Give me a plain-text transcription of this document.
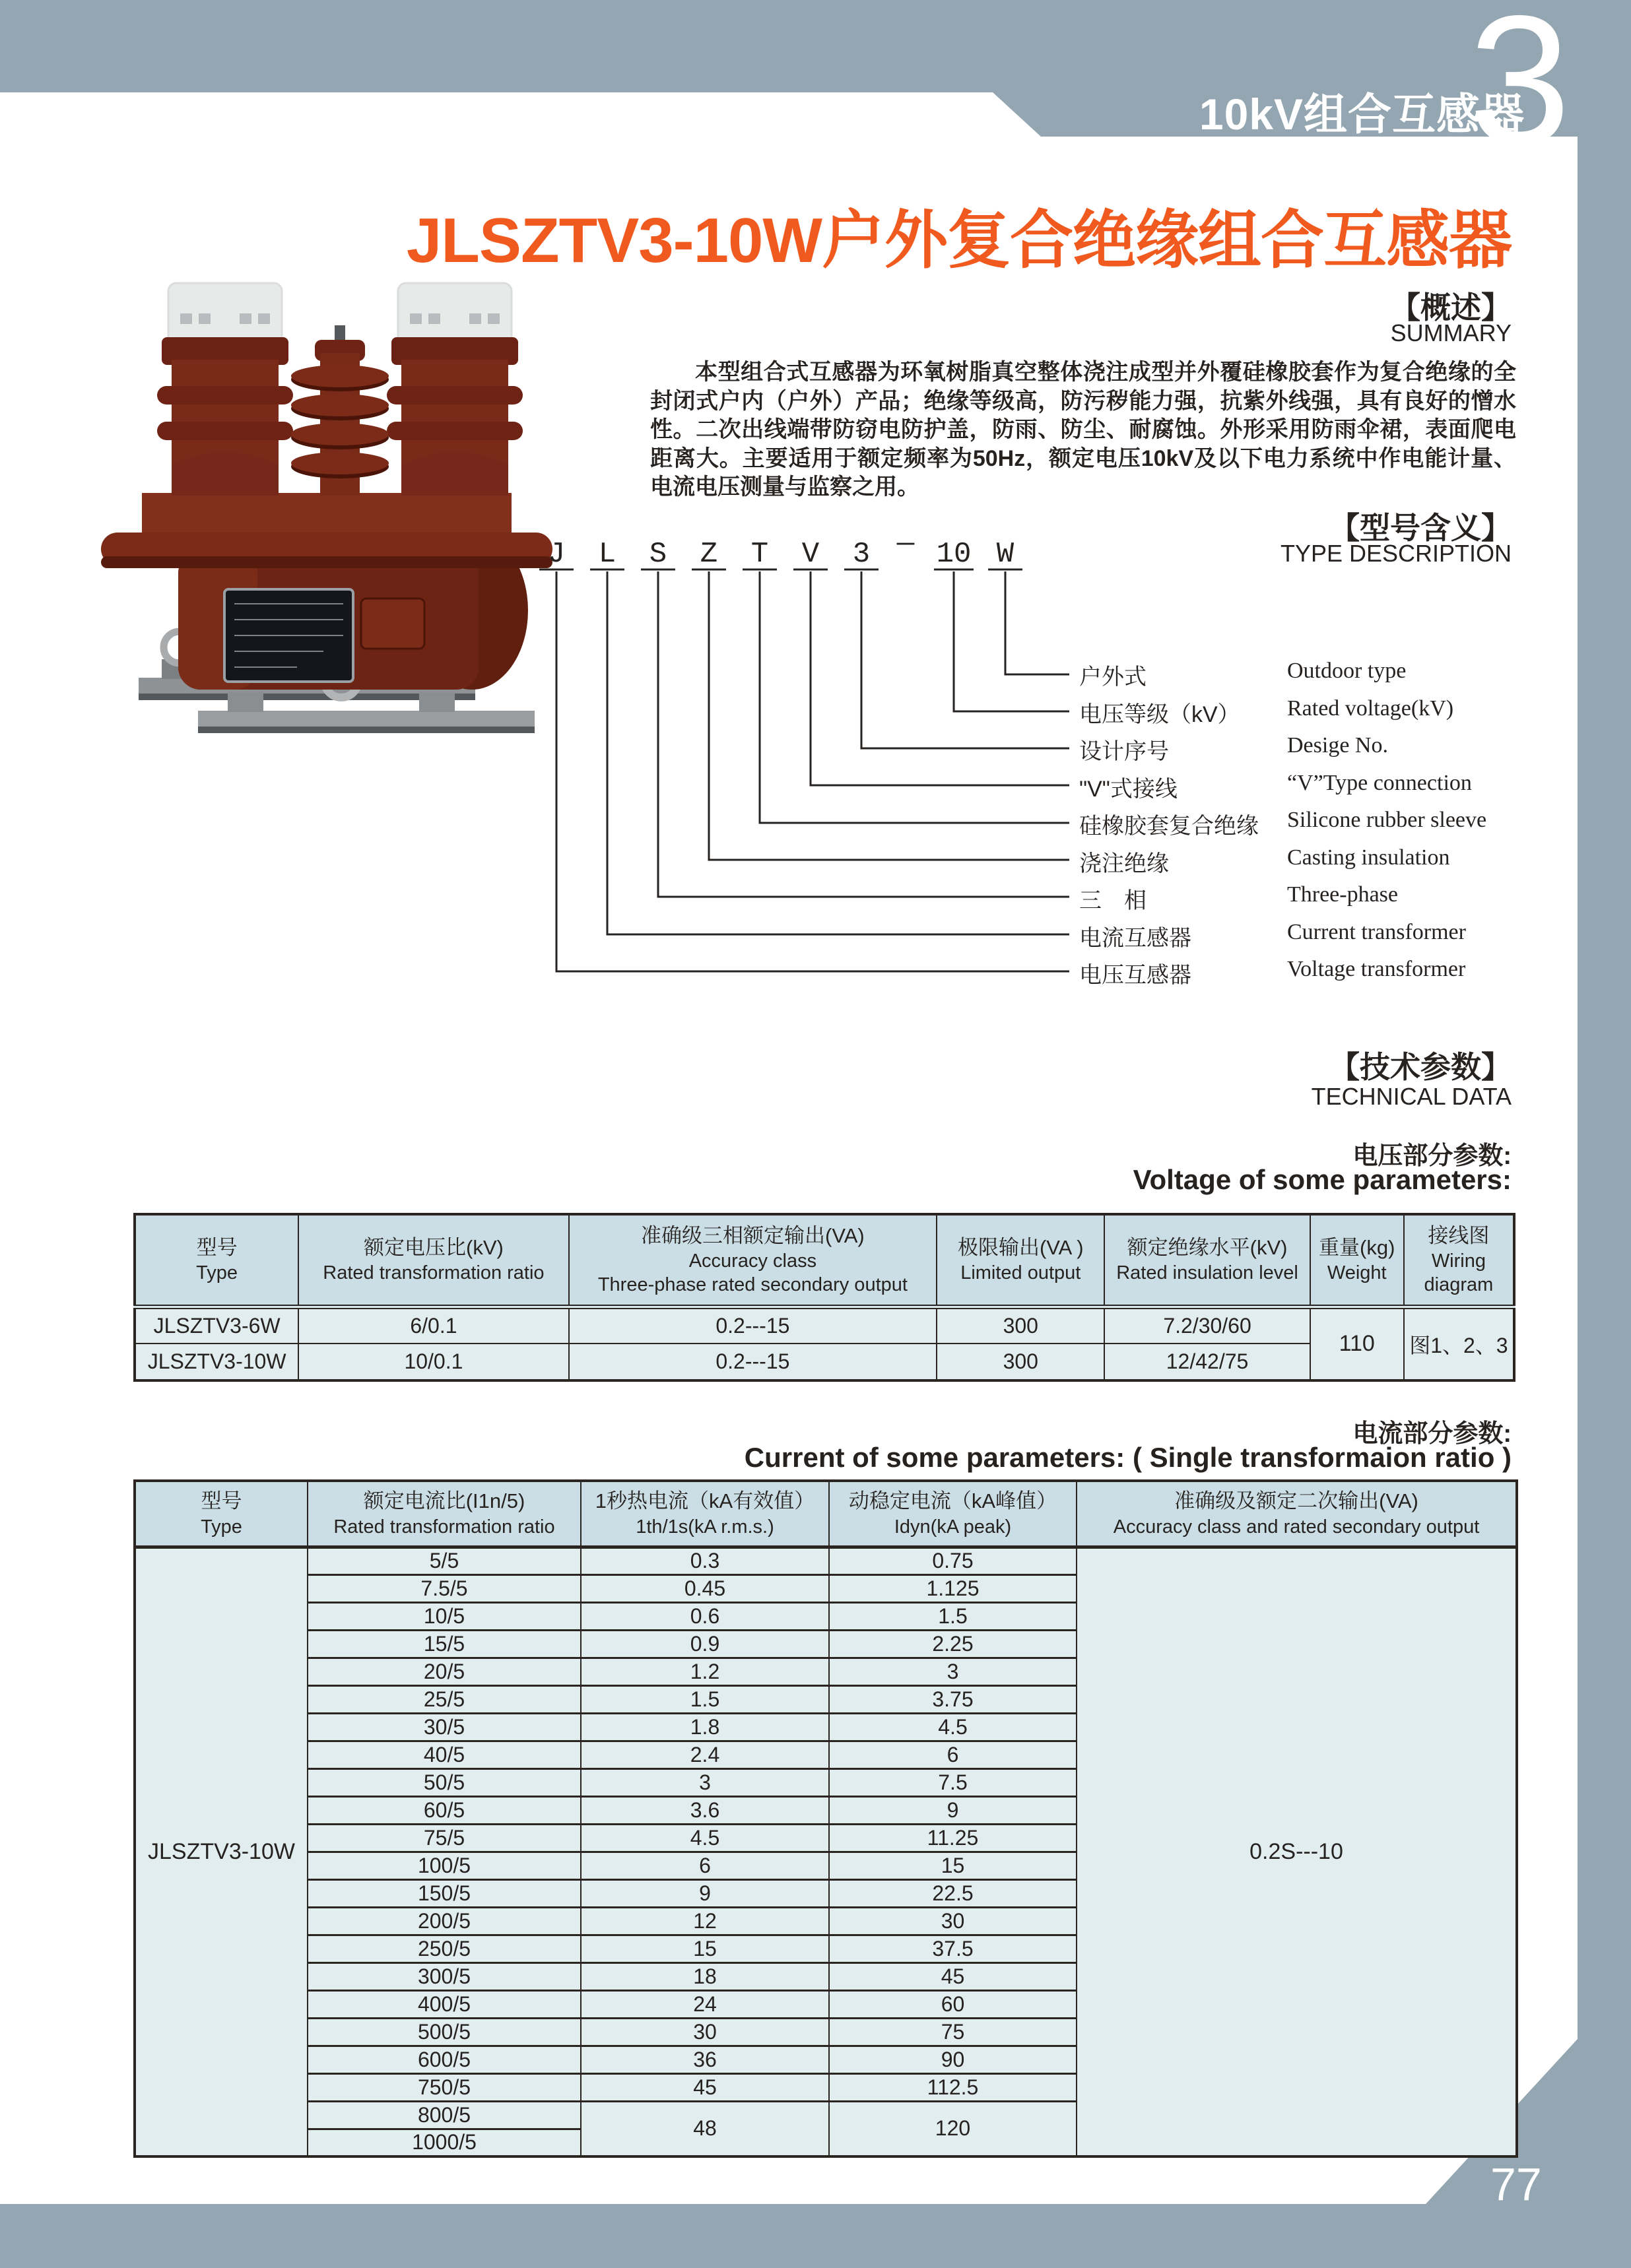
10kV组合互感器
3
77
JLSZTV3-10W户外复合绝缘组合互感器
【概述】
SUMMARY
本型组合式互感器为环氧树脂真空整体浇注成型并外覆硅橡胶套作为复合绝缘的全封闭式户内（户外）产品；绝缘等级高，防污秽能力强，抗紫外线强，具有良好的憎水性。二次出线端带防窃电防护盖，防雨、防尘、耐腐蚀。外形采用防雨伞裙，表面爬电距离大。主要适用于额定频率为50Hz，额定电压10kV及以下电力系统中作电能计量、电流电压测量与监察之用。
【型号含义】
TYPE DESCRIPTION
J L S Z T V 3 — 10 W
户外式	Outdoor type
电压等级（kV） Rated voltage(kV)
设计序号	Desige No.
"V"式接线	“V”Type connection
硅橡胶套复合绝缘 Silicone rubber sleeve
浇注绝缘	Casting insulation
三　相	Three-phase
电流互感器	Current transformer
电压互感器	Voltage transformer
【技术参数】
TECHNICAL DATA
电压部分参数:
Voltage of some parameters:
型号
Type

额定电压比(kV)
Rated transformation ratio

准确级三相额定输出(VA)
Accuracy class
Three-phase rated secondary output

极限输出(VA )
Limited output

额定绝缘水平(kV)
Rated insulation level

重量(kg)
Weight

接线图
Wiring diagram

JLSZTV3-6W	6/0.1	0.2---15	300	7.2/30/60	110	图1、2、3
JLSZTV3-10W	10/0.1	0.2---15	300	12/42/75		
电流部分参数:
Current of some parameters: ( Single transformaion ratio )
型号
Type

额定电流比(I1n/5)
Rated transformation ratio

1秒热电流（kA有效值）
1th/1s(kA r.m.s.)

动稳定电流（kA峰值）
Idyn(kA peak)

准确级及额定二次输出(VA)
Accuracy class and rated secondary output

JLSZTV3-10W	5/5	0.3	0.75	0.2S---10
	7.5/5	0.45	1.125	
	10/5	0.6	1.5	
	15/5	0.9	2.25	
	20/5	1.2	3	
	25/5	1.5	3.75	
	30/5	1.8	4.5	
	40/5	2.4	6	
	50/5	3	7.5	
	60/5	3.6	9	
	75/5	4.5	11.25	
	100/5	6	15	
	150/5	9	22.5	
	200/5	12	30	
	250/5	15	37.5	
	300/5	18	45	
	400/5	24	60	
	500/5	30	75	
	600/5	36	90	
	750/5	45	112.5	
	800/5	48	120	
	1000/5			
